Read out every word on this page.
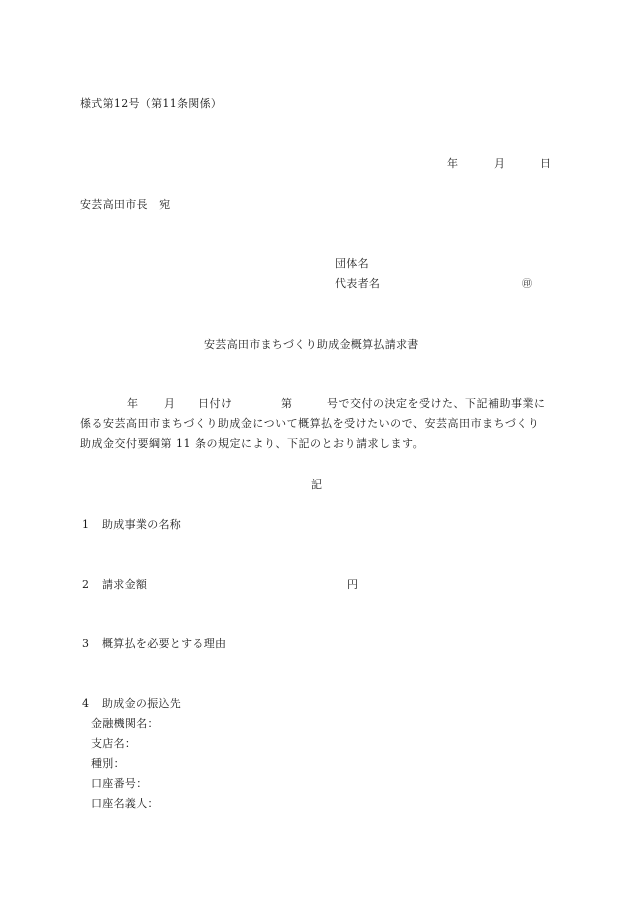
様式第12号（第11条関係）
年	月	日
安芸高田市長　宛
団体名
代表者名	㊞
安芸高田市まちづくり助成金概算払請求書
年 月 日付け	第	号で交付の決定を受けた、下記補助事業に
係る安芸高田市まちづくり助成金について概算払を受けたいので、安芸高田市まちづくり
助成金交付要綱第 11 条の規定により、下記のとおり請求します。
記
1 助成事業の名称
2 請求金額	円
3 概算払を必要とする理由
4 助成金の振込先
金融機関名：
支店名：
種別：
口座番号：
口座名義人：
